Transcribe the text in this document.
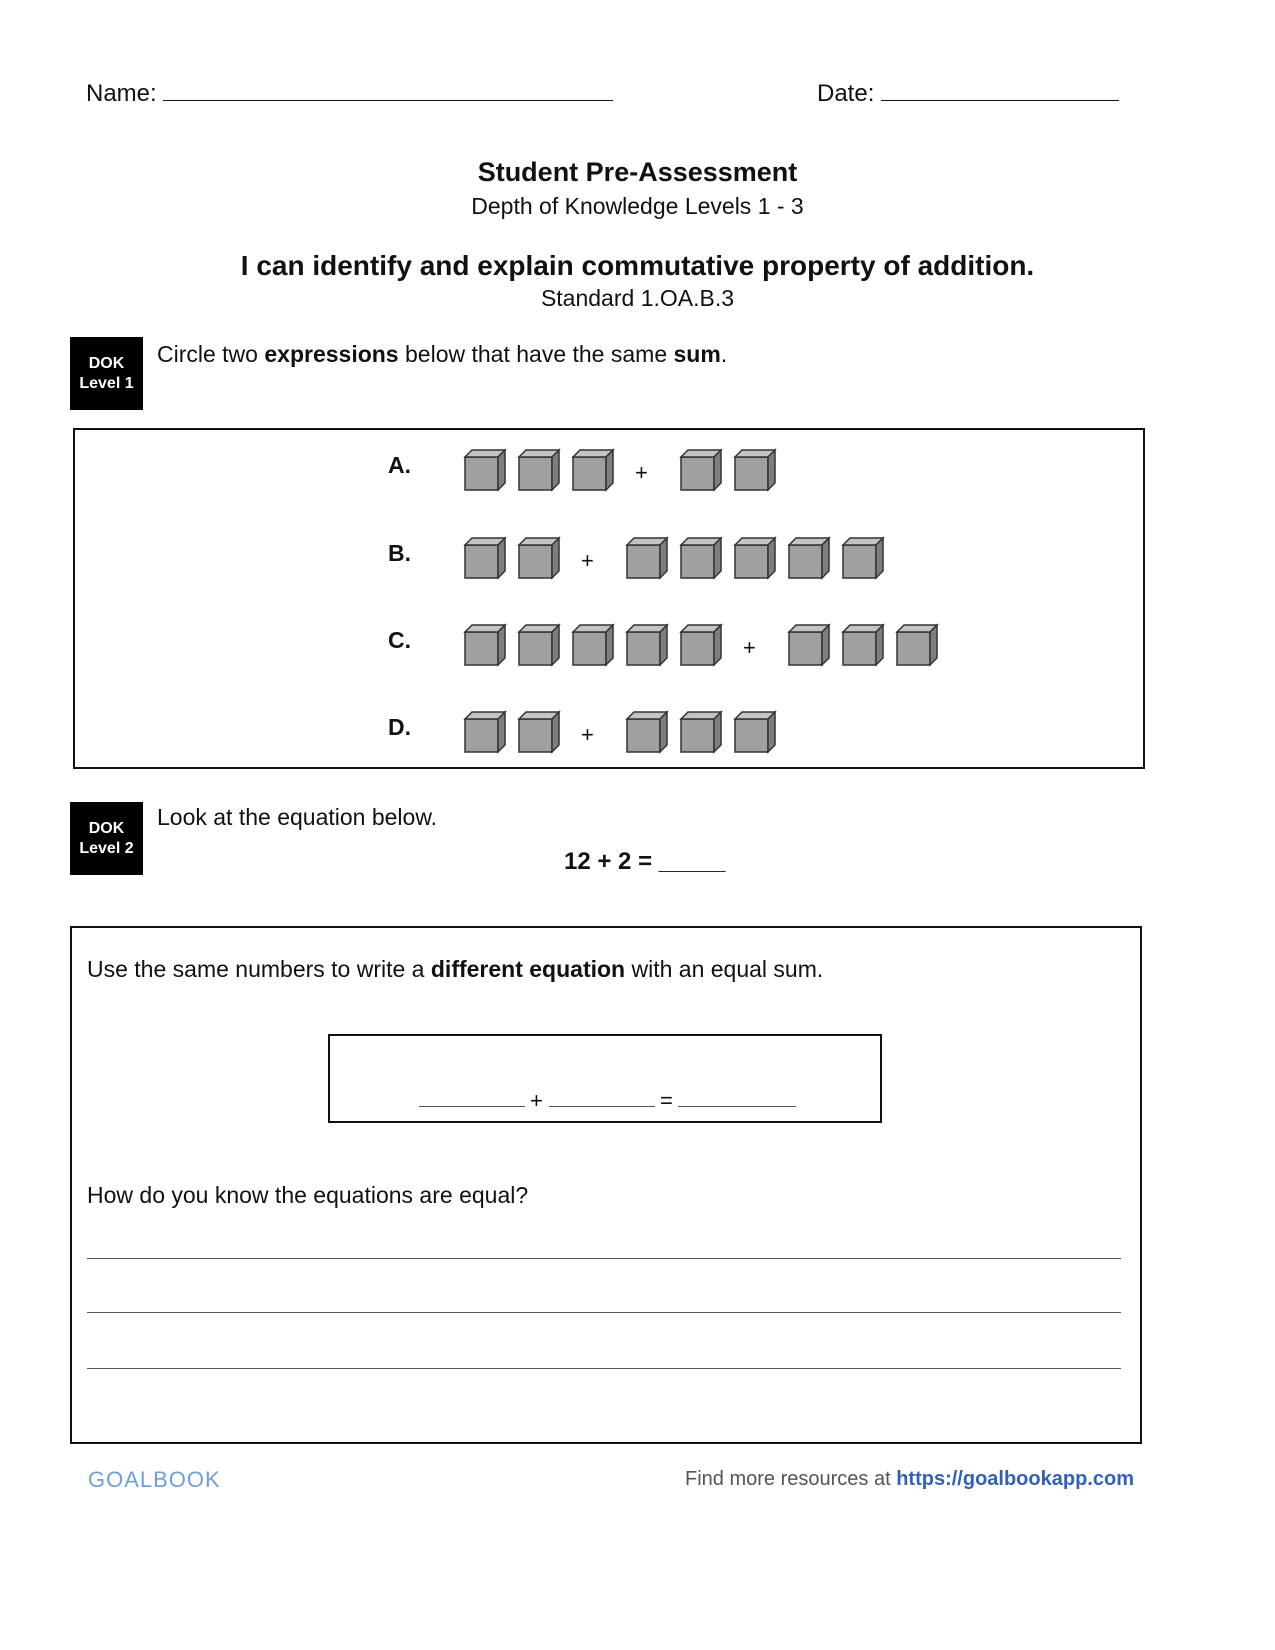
Name:	Date:
Student Pre-Assessment
Depth of Knowledge Levels 1 - 3
I can identify and explain commutative property of addition.
Standard 1.OA.B.3
DOK
Level 1
Circle two expressions below that have the same sum.
A.	+
B.	+
C.	+
D.	+
DOK
Level 2
Look at the equation below.
12 + 2 = _____
Use the same numbers to write a different equation with an equal sum.
+	=
How do you know the equations are equal?
GOALBOOK	Find more resources at https://goalbookapp.com
